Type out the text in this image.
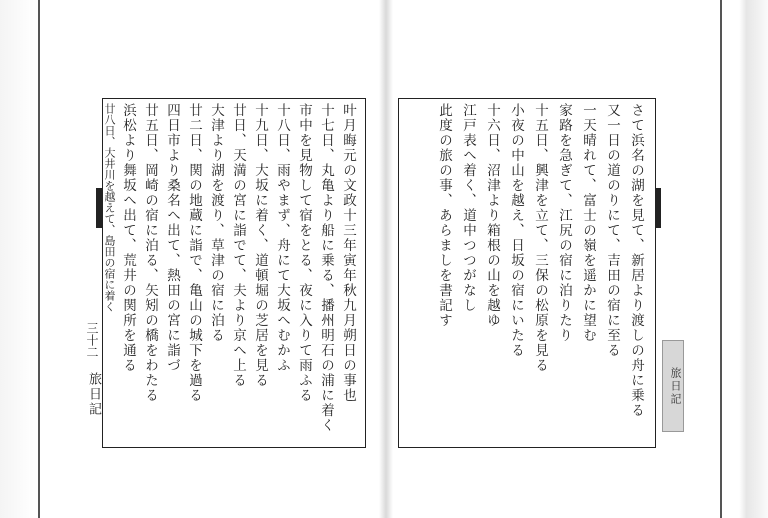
叶月晦元の文政十三年寅年秋九月朔日の事也
十七日、丸亀より船に乗る、播州明石の浦に着く
市中を見物して宿をとる、夜に入りて雨ふる
十八日、雨やまず、舟にて大坂へむかふ
十九日、大坂に着く、道頓堀の芝居を見る
廿日、天満の宮に詣でて、夫より京へ上る
大津より湖を渡り、草津の宿に泊る
廿二日、関の地蔵に詣で、亀山の城下を過る
四日市より桑名へ出て、熱田の宮に詣づ
廿五日、岡崎の宿に泊る、矢矧の橋をわたる
浜松より舞坂へ出て、荒井の関所を通る
廿八日、大井川を越えて、島田の宿に着く
三十二
旅日記	さて浜名の湖を見て、新居より渡しの舟に乗る
又一日の道のりにて、吉田の宿に至る
一天晴れて、富士の嶺を遥かに望む
家路を急ぎて、江尻の宿に泊りたり
十五日、興津を立て、三保の松原を見る
小夜の中山を越え、日坂の宿にいたる
十六日、沼津より箱根の山を越ゆ
江戸表へ着く、道中つつがなし
此度の旅の事、あらましを書記す
旅日記
